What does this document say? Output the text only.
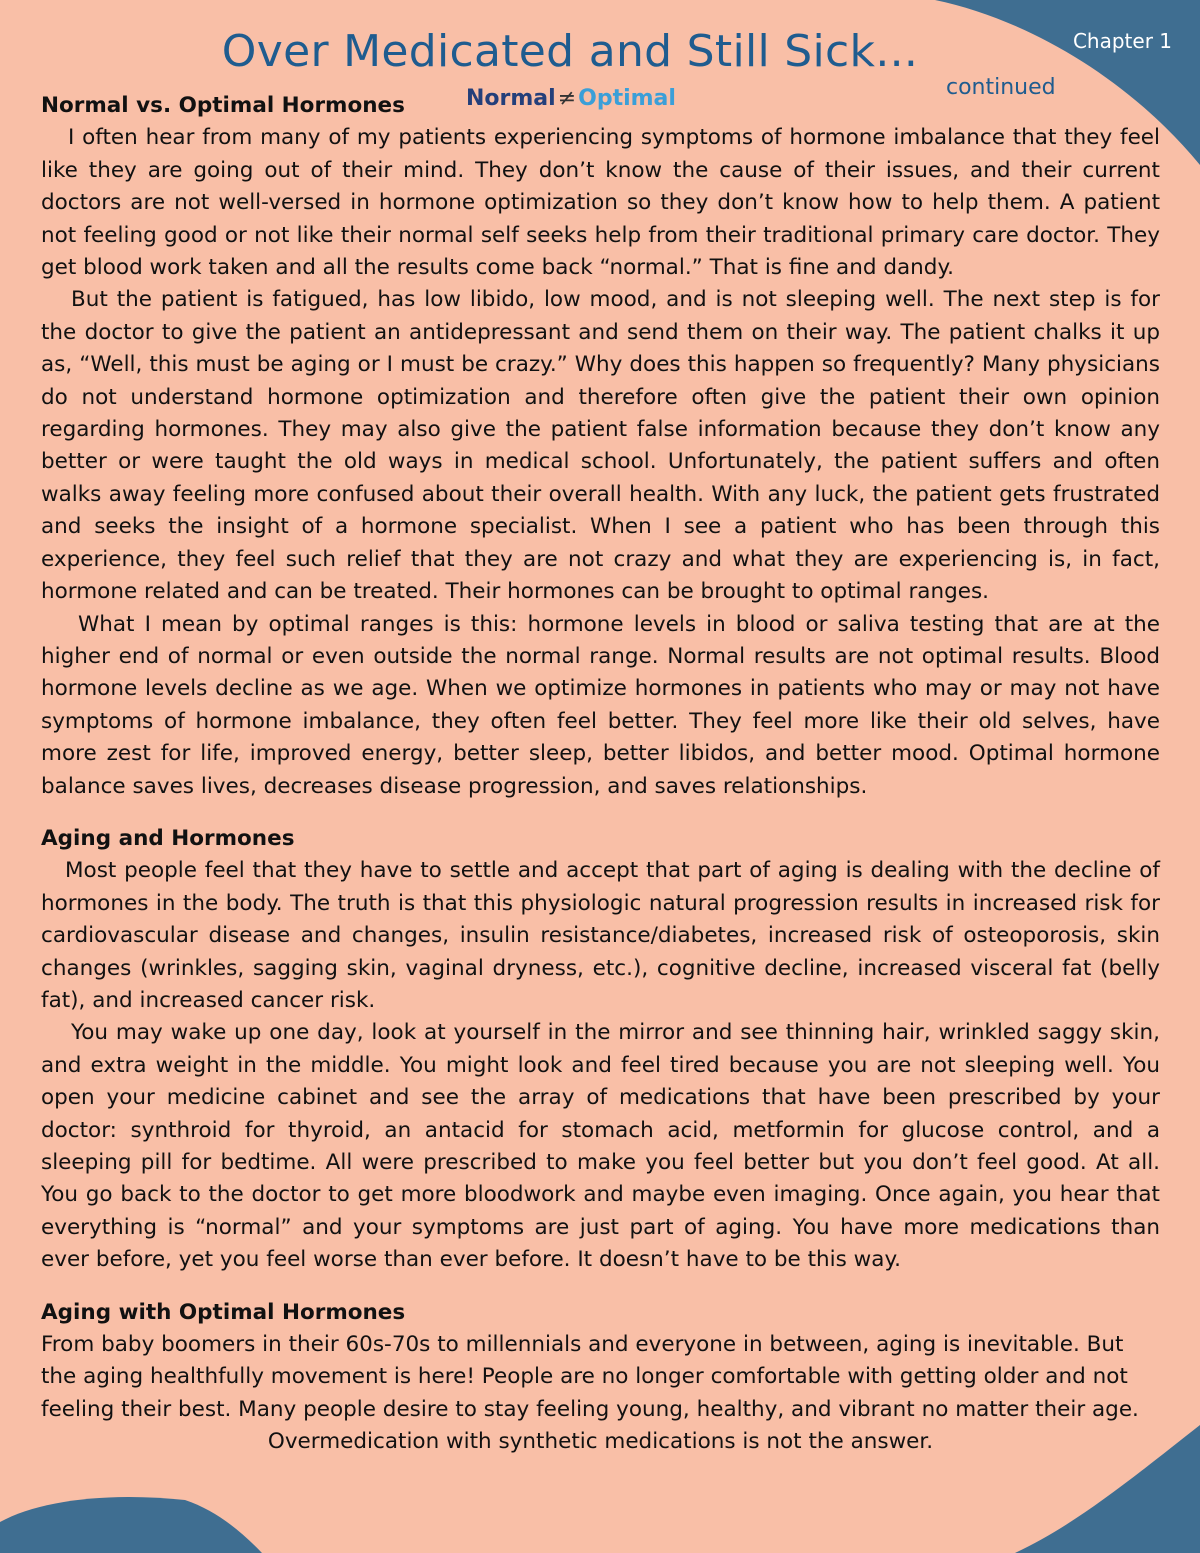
Over Medicated and Still Sick...	Chapter 1
continued
Normal≠Optimal
Normal vs. Optimal Hormones

I often hear from many of my patients experiencing symptoms of hormone imbalance that they feel like they are going out of their mind. They don’t know the cause of their issues, and their current doctors are not well-versed in hormone optimization so they don’t know how to help them. A patient not feeling good or not like their normal self seeks help from their traditional primary care doctor. They get blood work taken and all the results come back “normal.” That is fine and dandy.

But the patient is fatigued, has low libido, low mood, and is not sleeping well. The next step is for the doctor to give the patient an antidepressant and send them on their way. The patient chalks it up as, “Well, this must be aging or I must be crazy.” Why does this happen so frequently? Many physicians do not understand hormone optimization and therefore often give the patient their own opinion regarding hormones. They may also give the patient false information because they don’t know any better or were taught the old ways in medical school. Unfortunately, the patient suffers and often walks away feeling more confused about their overall health. With any luck, the patient gets frustrated and seeks the insight of a hormone specialist. When I see a patient who has been through this experience, they feel such relief that they are not crazy and what they are experiencing is, in fact, hormone related and can be treated. Their hormones can be brought to optimal ranges.

What I mean by optimal ranges is this: hormone levels in blood or saliva testing that are at the higher end of normal or even outside the normal range. Normal results are not optimal results. Blood hormone levels decline as we age. When we optimize hormones in patients who may or may not have symptoms of hormone imbalance, they often feel better. They feel more like their old selves, have more zest for life, improved energy, better sleep, better libidos, and better mood. Optimal hormone balance saves lives, decreases disease progression, and saves relationships.

Aging and Hormones

Most people feel that they have to settle and accept that part of aging is dealing with the decline of hormones in the body. The truth is that this physiologic natural progression results in increased risk for cardiovascular disease and changes, insulin resistance/diabetes, increased risk of osteoporosis, skin changes (wrinkles, sagging skin, vaginal dryness, etc.), cognitive decline, increased visceral fat (belly fat), and increased cancer risk.

You may wake up one day, look at yourself in the mirror and see thinning hair, wrinkled saggy skin, and extra weight in the middle. You might look and feel tired because you are not sleeping well. You open your medicine cabinet and see the array of medications that have been prescribed by your doctor: synthroid for thyroid, an antacid for stomach acid, metformin for glucose control, and a sleeping pill for bedtime. All were prescribed to make you feel better but you don’t feel good. At all. You go back to the doctor to get more bloodwork and maybe even imaging. Once again, you hear that everything is “normal” and your symptoms are just part of aging. You have more medications than ever before, yet you feel worse than ever before. It doesn’t have to be this way.

Aging with Optimal Hormones

From baby boomers in their 60s-70s to millennials and everyone in between, aging is inevitable. But the aging healthfully movement is here! People are no longer comfortable with getting older and not feeling their best. Many people desire to stay feeling young, healthy, and vibrant no matter their age.

Overmedication with synthetic medications is not the answer.
